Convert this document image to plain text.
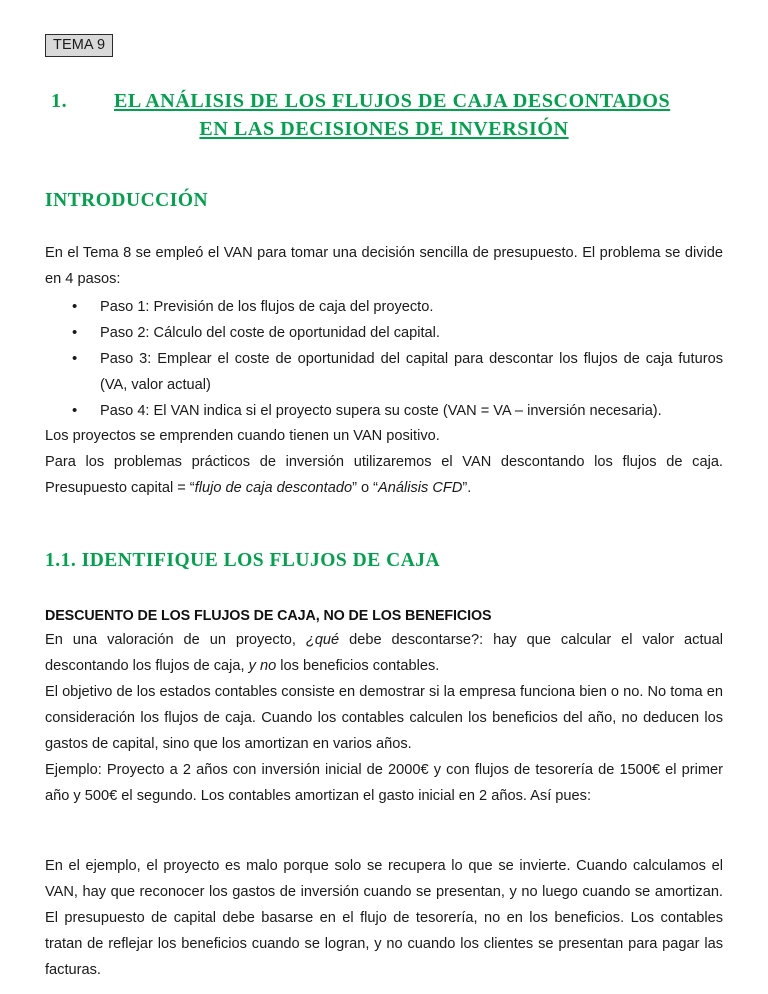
TEMA 9
1. EL ANÁLISIS DE LOS FLUJOS DE CAJA DESCONTADOS
EN LAS DECISIONES DE INVERSIÓN
INTRODUCCIÓN

En el Tema 8 se empleó el VAN para tomar una decisión sencilla de presupuesto. El problema se divide en 4 pasos:

• Paso 1: Previsión de los flujos de caja del proyecto.
• Paso 2: Cálculo del coste de oportunidad del capital.
• Paso 3: Emplear el coste de oportunidad del capital para descontar los flujos de caja futuros (VA, valor actual)
• Paso 4: El VAN indica si el proyecto supera su coste (VAN = VA – inversión necesaria).

Los proyectos se emprenden cuando tienen un VAN positivo.

Para los problemas prácticos de inversión utilizaremos el VAN descontando los flujos de caja. Presupuesto capital = “flujo de caja descontado” o “Análisis CFD”.

1.1. IDENTIFIQUE LOS FLUJOS DE CAJA

DESCUENTO DE LOS FLUJOS DE CAJA, NO DE LOS BENEFICIOS

En una valoración de un proyecto, ¿qué debe descontarse?: hay que calcular el valor actual descontando los flujos de caja, y no los beneficios contables.

El objetivo de los estados contables consiste en demostrar si la empresa funciona bien o no. No toma en consideración los flujos de caja. Cuando los contables calculen los beneficios del año, no deducen los gastos de capital, sino que los amortizan en varios años.

Ejemplo: Proyecto a 2 años con inversión inicial de 2000€ y con flujos de tesorería de 1500€ el primer año y 500€ el segundo. Los contables amortizan el gasto inicial en 2 años. Así pues:

En el ejemplo, el proyecto es malo porque solo se recupera lo que se invierte. Cuando calculamos el VAN, hay que reconocer los gastos de inversión cuando se presentan, y no luego cuando se amortizan. El presupuesto de capital debe basarse en el flujo de tesorería, no en los beneficios. Los contables tratan de reflejar los beneficios cuando se logran, y no cuando los clientes se presentan para pagar las facturas.
